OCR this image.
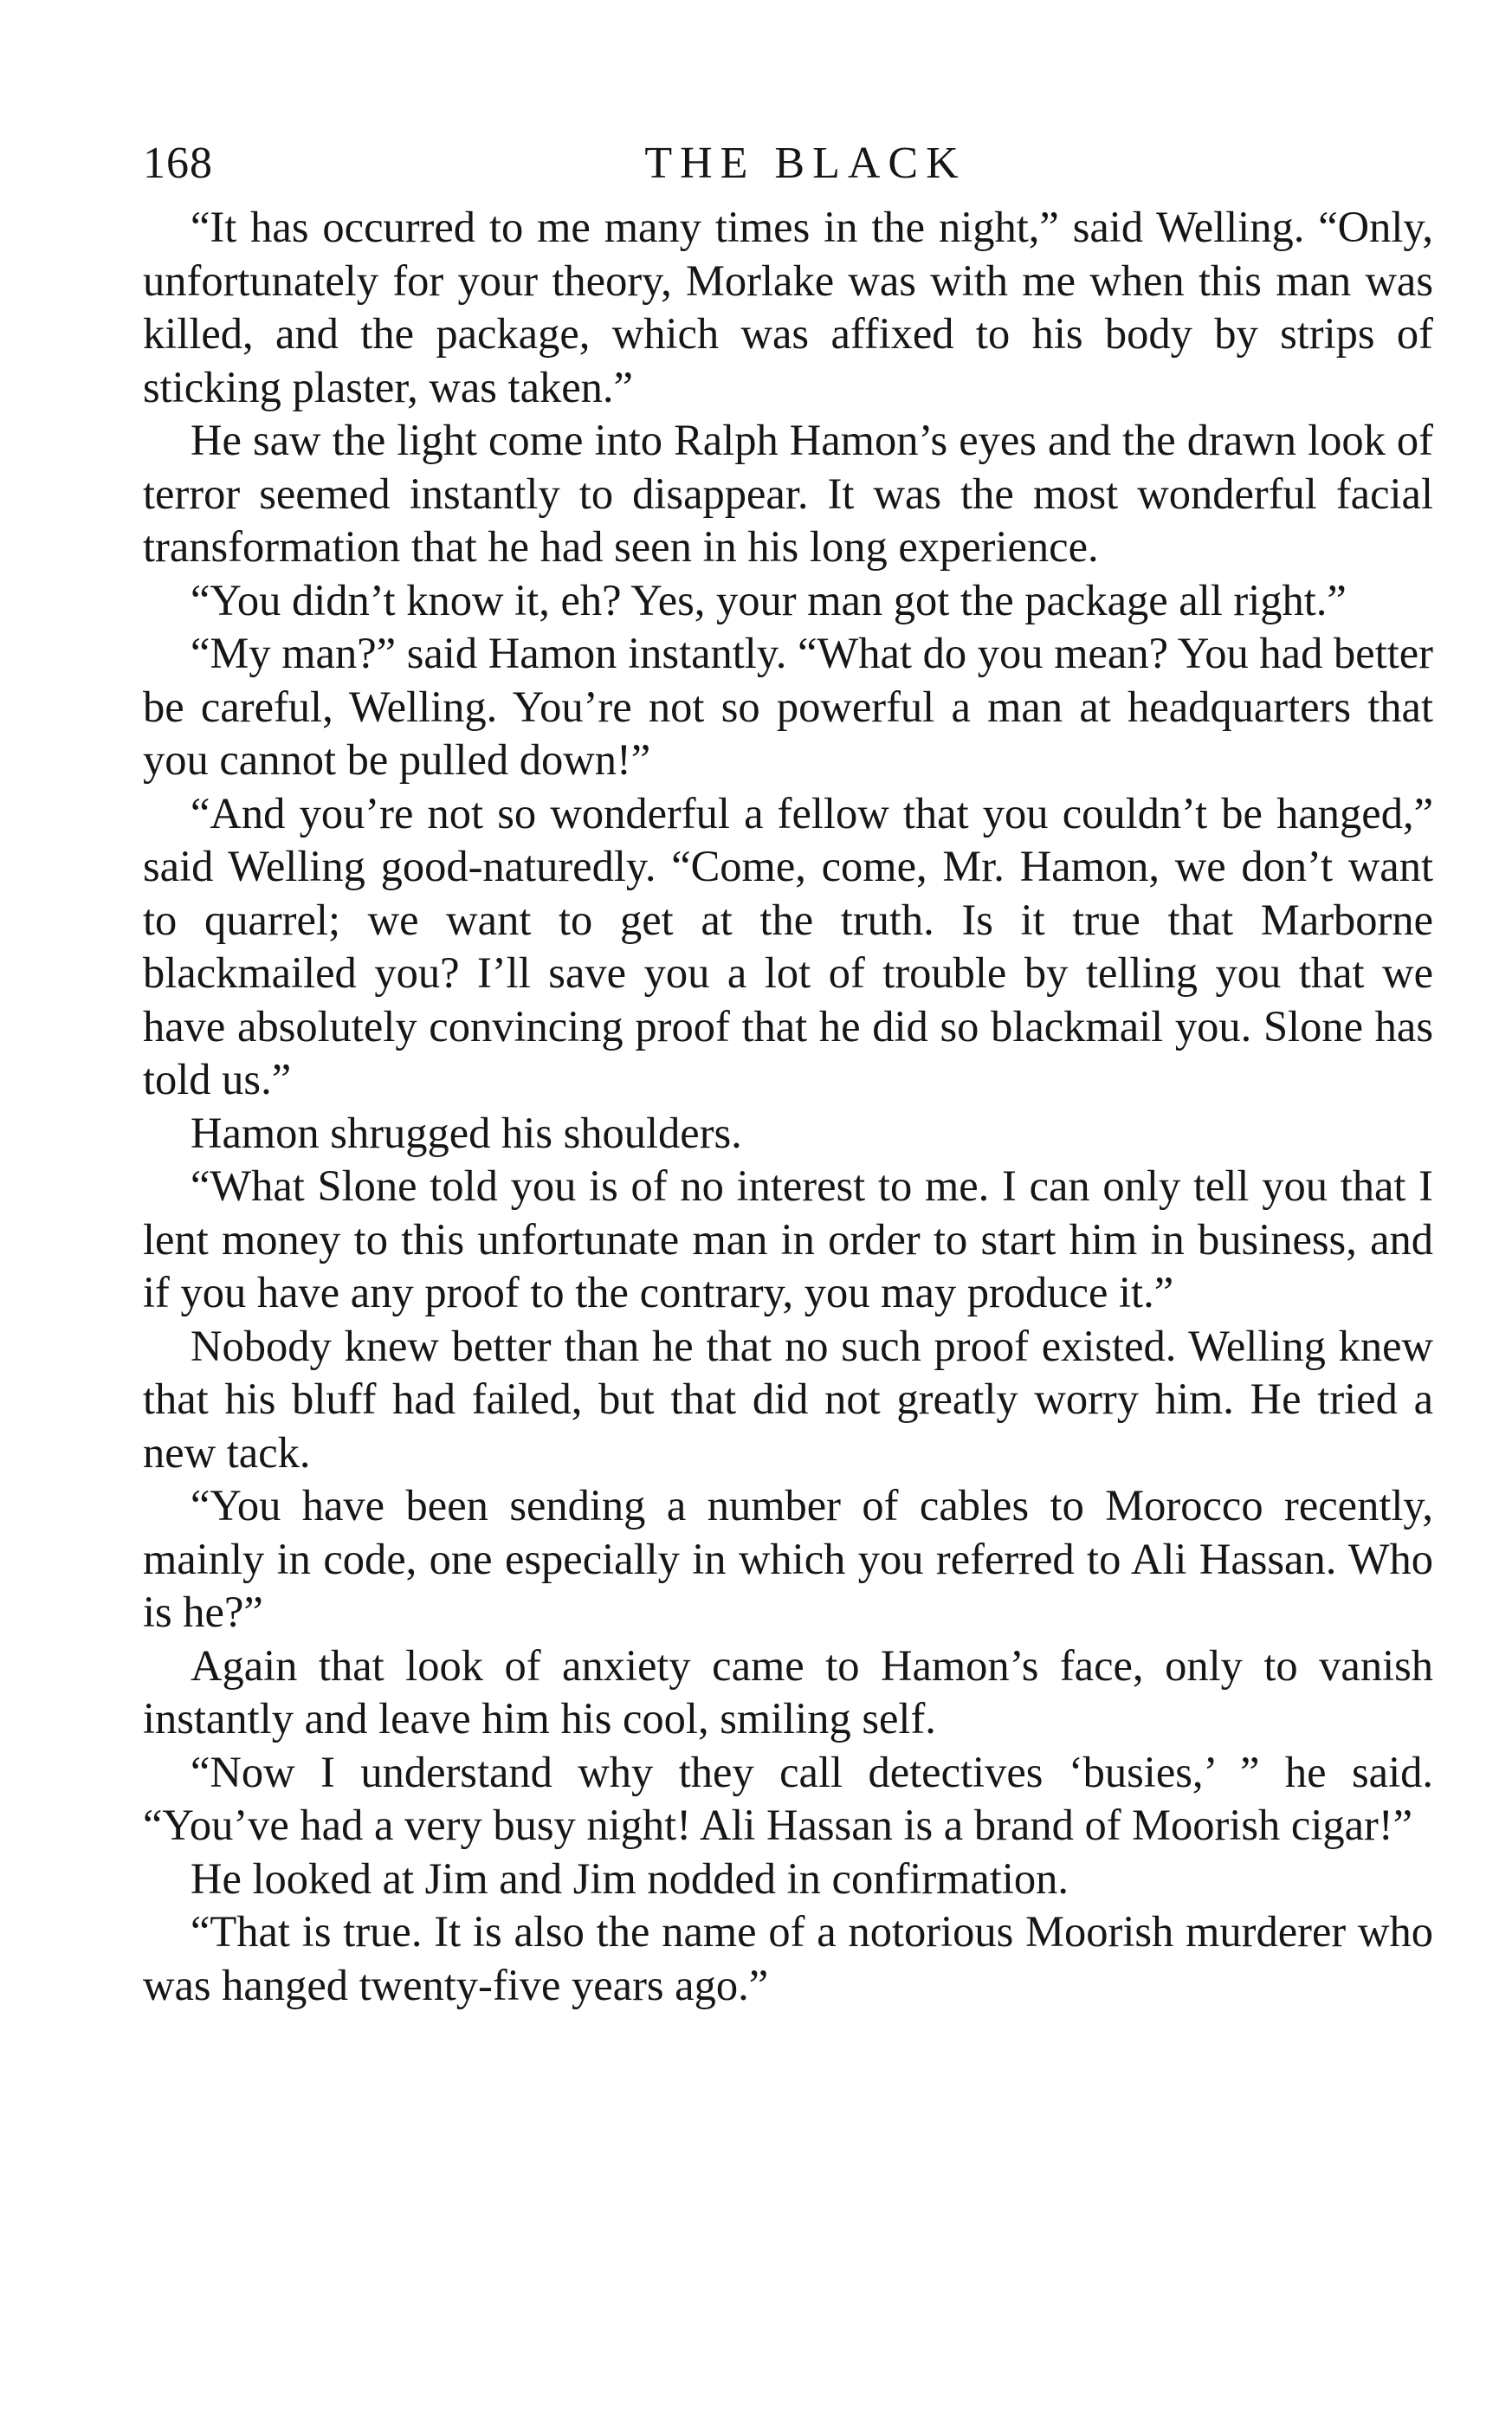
168	THE BLACK

“It has occurred to me many times in the night,” said Welling. “Only, unfortunately for your theory, Morlake was with me when this man was killed, and the package, which was affixed to his body by strips of sticking plaster, was taken.”

He saw the light come into Ralph Hamon’s eyes and the drawn look of terror seemed instantly to disappear. It was the most wonderful facial transformation that he had seen in his long experience.

“You didn’t know it, eh? Yes, your man got the package all right.”

“My man?” said Hamon instantly. “What do you mean? You had better be careful, Welling. You’re not so powerful a man at headquarters that you cannot be pulled down!”

“And you’re not so wonderful a fellow that you couldn’t be hanged,” said Welling good-naturedly. “Come, come, Mr. Hamon, we don’t want to quarrel; we want to get at the truth. Is it true that Marborne blackmailed you? I’ll save you a lot of trouble by telling you that we have absolutely convincing proof that he did so blackmail you. Slone has told us.”

Hamon shrugged his shoulders.

“What Slone told you is of no interest to me. I can only tell you that I lent money to this unfortunate man in order to start him in business, and if you have any proof to the contrary, you may produce it.”

Nobody knew better than he that no such proof existed. Welling knew that his bluff had failed, but that did not greatly worry him. He tried a new tack.

“You have been sending a number of cables to Morocco recently, mainly in code, one especially in which you referred to Ali Hassan. Who is he?”

Again that look of anxiety came to Hamon’s face, only to vanish instantly and leave him his cool, smiling self.

“Now I understand why they call detectives ‘busies,’ ” he said. “You’ve had a very busy night! Ali Hassan is a brand of Moorish cigar!”

He looked at Jim and Jim nodded in confirmation.

“That is true. It is also the name of a notorious Moorish murderer who was hanged twenty-five years ago.”
